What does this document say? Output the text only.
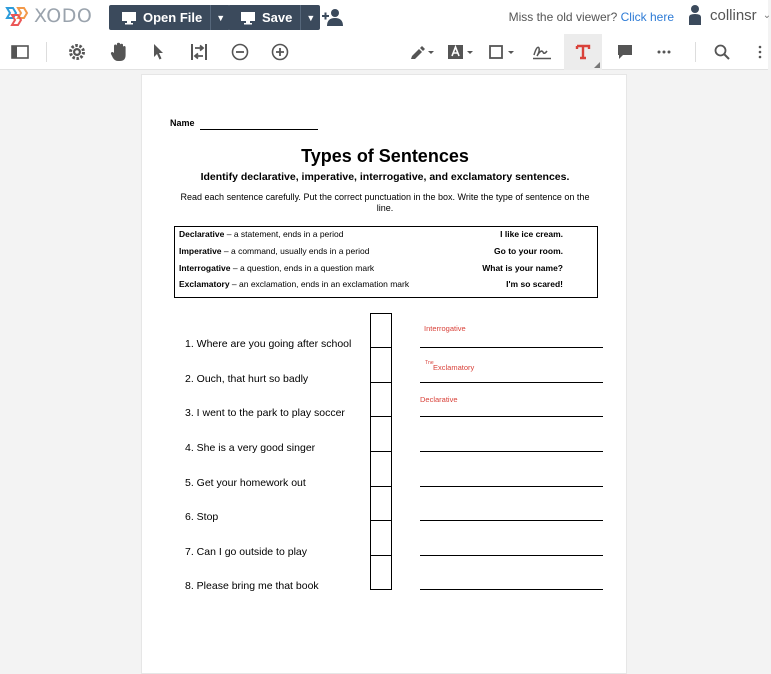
XODO	Open File	▼	Save	▼	Miss the old viewer? Click here collinsr ⌄
Name
Types of Sentences
Identify declarative, imperative, interrogative, and exclamatory sentences.
Read each sentence carefully. Put the correct punctuation in the box. Write the type of sentence on the line.
Declarative – a statement, ends in a period	I like ice cream.
Imperative – a command, usually ends in a period	Go to your room.
Interrogative – a question, ends in a question mark	What is your name?
Exclamatory – an exclamation, ends in an exclamation mark	I'm so scared!
1. Where are you going after school
2. Ouch, that hurt so badly
3. I went to the park to play soccer
4. She is a very good singer
5. Get your homework out
6. Stop
7. Can I go outside to play
8. Please bring me that book
Interrogative
Tne Exclamatory
Declarative
